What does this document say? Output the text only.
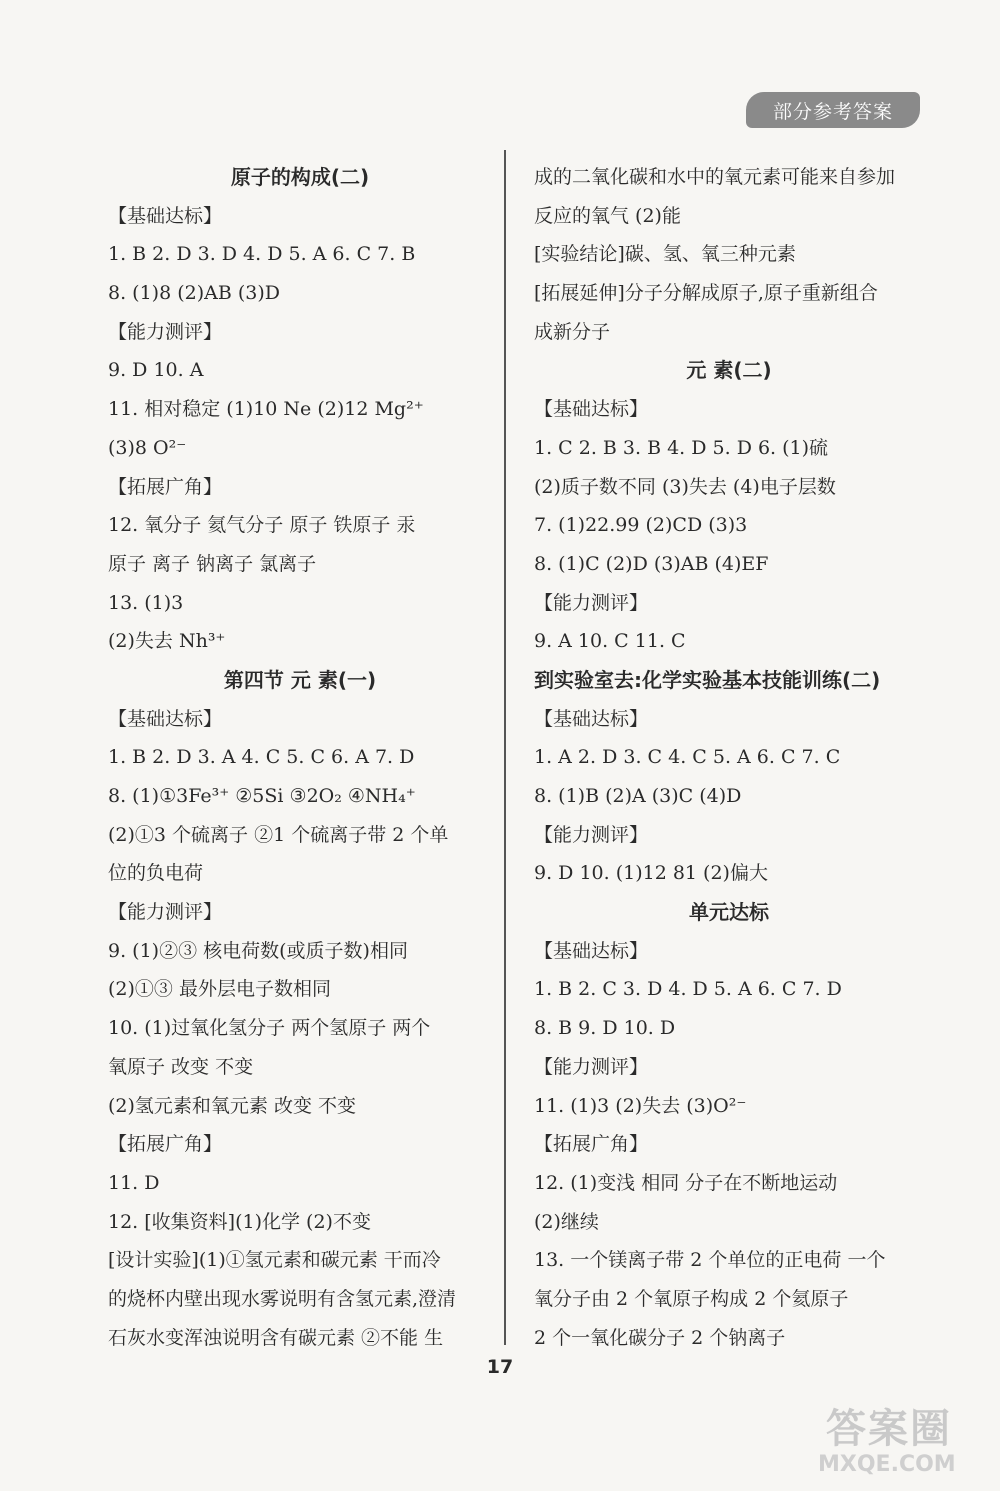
部分参考答案
原子的构成(二)
【基础达标】
1. B 2. D 3. D 4. D 5. A 6. C 7. B
8. (1)8 (2)AB (3)D
【能力测评】
9. D 10. A
11. 相对稳定 (1)10 Ne (2)12 Mg²⁺
(3)8 O²⁻
【拓展广角】
12. 氧分子 氦气分子 原子 铁原子 汞
原子 离子 钠离子 氯离子
13. (1)3
(2)失去 Nh³⁺
第四节 元 素(一)
【基础达标】
1. B 2. D 3. A 4. C 5. C 6. A 7. D
8. (1)①3Fe³⁺ ②5Si ③2O₂ ④NH₄⁺
(2)①3 个硫离子 ②1 个硫离子带 2 个单
位的负电荷
【能力测评】
9. (1)②③ 核电荷数(或质子数)相同
(2)①③ 最外层电子数相同
10. (1)过氧化氢分子 两个氢原子 两个
氧原子 改变 不变
(2)氢元素和氧元素 改变 不变
【拓展广角】
11. D
12. [收集资料](1)化学 (2)不变
[设计实验](1)①氢元素和碳元素 干而冷
的烧杯内壁出现水雾说明有含氢元素,澄清
石灰水变浑浊说明含有碳元素 ②不能 生
成的二氧化碳和水中的氧元素可能来自参加
反应的氧气 (2)能
[实验结论]碳、氢、氧三种元素
[拓展延伸]分子分解成原子,原子重新组合
成新分子
元 素(二)
【基础达标】
1. C 2. B 3. B 4. D 5. D 6. (1)硫
(2)质子数不同 (3)失去 (4)电子层数
7. (1)22.99 (2)CD (3)3
8. (1)C (2)D (3)AB (4)EF
【能力测评】
9. A 10. C 11. C
到实验室去:化学实验基本技能训练(二)
【基础达标】
1. A 2. D 3. C 4. C 5. A 6. C 7. C
8. (1)B (2)A (3)C (4)D
【能力测评】
9. D 10. (1)12 81 (2)偏大
单元达标
【基础达标】
1. B 2. C 3. D 4. D 5. A 6. C 7. D
8. B 9. D 10. D
【能力测评】
11. (1)3 (2)失去 (3)O²⁻
【拓展广角】
12. (1)变浅 相同 分子在不断地运动
(2)继续
13. 一个镁离子带 2 个单位的正电荷 一个
氧分子由 2 个氧原子构成 2 个氦原子
2 个一氧化碳分子 2 个钠离子
17
答案圈
MXQE.COM
